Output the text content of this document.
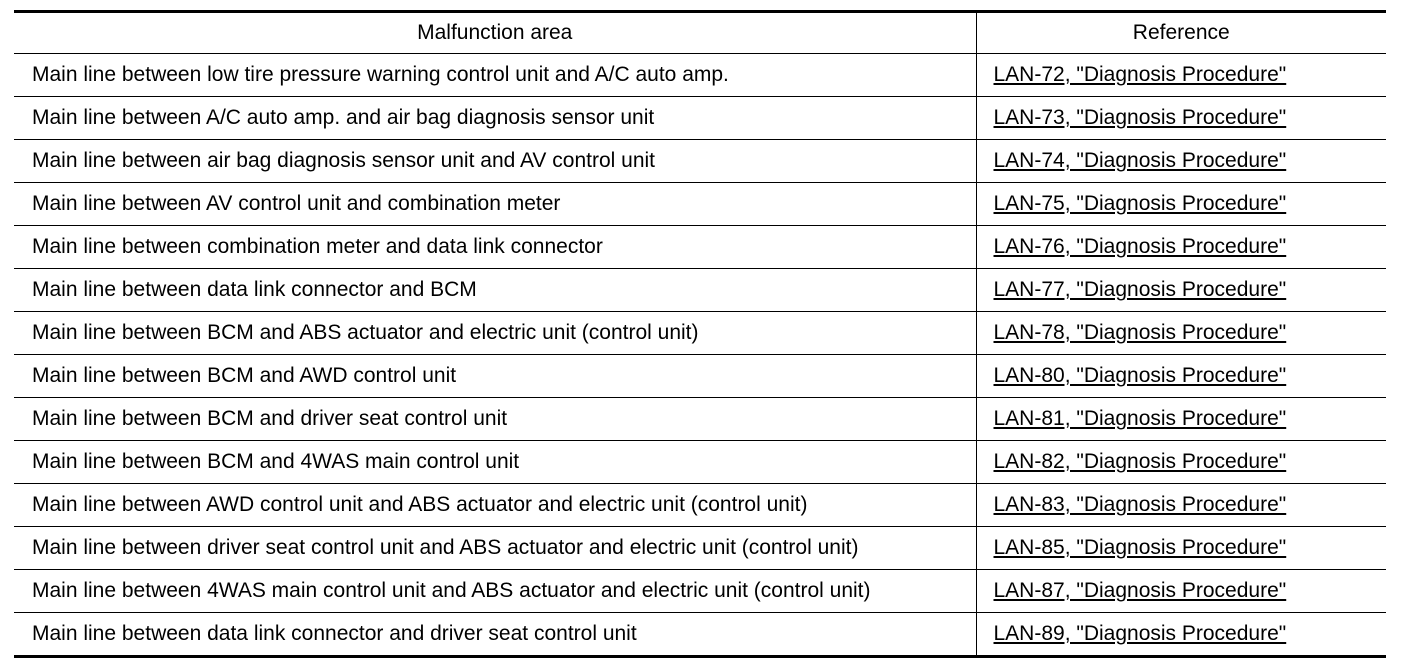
Malfunction area	Reference
Main line between low tire pressure warning control unit and A/C auto amp.	LAN-72, "Diagnosis Procedure"
Main line between A/C auto amp. and air bag diagnosis sensor unit	LAN-73, "Diagnosis Procedure"
Main line between air bag diagnosis sensor unit and AV control unit	LAN-74, "Diagnosis Procedure"
Main line between AV control unit and combination meter	LAN-75, "Diagnosis Procedure"
Main line between combination meter and data link connector	LAN-76, "Diagnosis Procedure"
Main line between data link connector and BCM	LAN-77, "Diagnosis Procedure"
Main line between BCM and ABS actuator and electric unit (control unit)	LAN-78, "Diagnosis Procedure"
Main line between BCM and AWD control unit	LAN-80, "Diagnosis Procedure"
Main line between BCM and driver seat control unit	LAN-81, "Diagnosis Procedure"
Main line between BCM and 4WAS main control unit	LAN-82, "Diagnosis Procedure"
Main line between AWD control unit and ABS actuator and electric unit (control unit)	LAN-83, "Diagnosis Procedure"
Main line between driver seat control unit and ABS actuator and electric unit (control unit)	LAN-85, "Diagnosis Procedure"
Main line between 4WAS main control unit and ABS actuator and electric unit (control unit)	LAN-87, "Diagnosis Procedure"
Main line between data link connector and driver seat control unit	LAN-89, "Diagnosis Procedure"
